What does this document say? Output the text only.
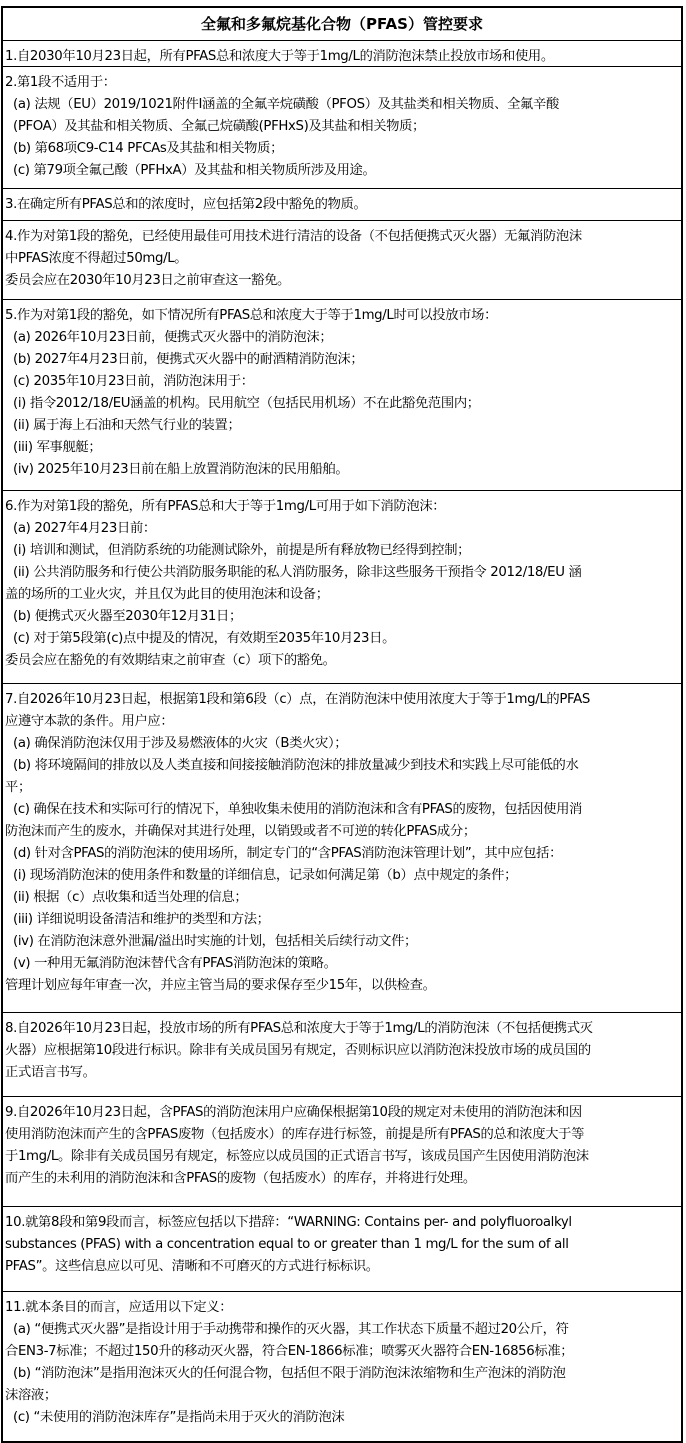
全氟和多氟烷基化合物（PFAS）管控要求
1.自2030年10月23日起，所有PFAS总和浓度大于等于1mg/L的消防泡沫禁止投放市场和使用。
2.第1段不适用于：
(a) 法规（EU）2019/1021附件I涵盖的全氟辛烷磺酸（PFOS）及其盐类和相关物质、全氟辛酸
(PFOA）及其盐和相关物质、全氟己烷磺酸(PFHxS)及其盐和相关物质；
(b) 第68项C9-C14 PFCAs及其盐和相关物质；
(c) 第79项全氟己酸（PFHxA）及其盐和相关物质所涉及用途。
3.在确定所有PFAS总和的浓度时，应包括第2段中豁免的物质。
4.作为对第1段的豁免，已经使用最佳可用技术进行清洁的设备（不包括便携式灭火器）无氟消防泡沫
中PFAS浓度不得超过50mg/L。
委员会应在2030年10月23日之前审查这一豁免。
5.作为对第1段的豁免，如下情况所有PFAS总和浓度大于等于1mg/L时可以投放市场：
(a) 2026年10月23日前，便携式灭火器中的消防泡沫；
(b) 2027年4月23日前，便携式灭火器中的耐酒精消防泡沫；
(c) 2035年10月23日前，消防泡沫用于：
(i) 指令2012/18/EU涵盖的机构。民用航空（包括民用机场）不在此豁免范围内；
(ii) 属于海上石油和天然气行业的装置；
(iii) 军事舰艇；
(iv) 2025年10月23日前在船上放置消防泡沫的民用船舶。
6.作为对第1段的豁免，所有PFAS总和大于等于1mg/L可用于如下消防泡沫：
(a) 2027年4月23日前：
(i) 培训和测试，但消防系统的功能测试除外，前提是所有释放物已经得到控制；
(ii) 公共消防服务和行使公共消防服务职能的私人消防服务，除非这些服务干预指令 2012/18/EU 涵
盖的场所的工业火灾，并且仅为此目的使用泡沫和设备；
(b) 便携式灭火器至2030年12月31日；
(c) 对于第5段第(c)点中提及的情况，有效期至2035年10月23日。
委员会应在豁免的有效期结束之前审查（c）项下的豁免。
7.自2026年10月23日起，根据第1段和第6段（c）点，在消防泡沫中使用浓度大于等于1mg/L的PFAS
应遵守本款的条件。用户应：
(a) 确保消防泡沫仅用于涉及易燃液体的火灾（B类火灾）；
(b) 将环境隔间的排放以及人类直接和间接接触消防泡沫的排放量减少到技术和实践上尽可能低的水
平；
(c) 确保在技术和实际可行的情况下，单独收集未使用的消防泡沫和含有PFAS的废物，包括因使用消
防泡沫而产生的废水，并确保对其进行处理，以销毁或者不可逆的转化PFAS成分；
(d) 针对含PFAS的消防泡沫的使用场所，制定专门的“含PFAS消防泡沫管理计划”，其中应包括：
(i) 现场消防泡沫的使用条件和数量的详细信息，记录如何满足第（b）点中规定的条件；
(ii) 根据（c）点收集和适当处理的信息；
(iii) 详细说明设备清洁和维护的类型和方法；
(iv) 在消防泡沫意外泄漏/溢出时实施的计划，包括相关后续行动文件；
(v) 一种用无氟消防泡沫替代含有PFAS消防泡沫的策略。
管理计划应每年审查一次，并应主管当局的要求保存至少15年，以供检查。
8.自2026年10月23日起，投放市场的所有PFAS总和浓度大于等于1mg/L的消防泡沫（不包括便携式灭
火器）应根据第10段进行标识。除非有关成员国另有规定，否则标识应以消防泡沫投放市场的成员国的
正式语言书写。
9.自2026年10月23日起，含PFAS的消防泡沫用户应确保根据第10段的规定对未使用的消防泡沫和因
使用消防泡沫而产生的含PFAS废物（包括废水）的库存进行标签，前提是所有PFAS的总和浓度大于等
于1mg/L。除非有关成员国另有规定，标签应以成员国的正式语言书写，该成员国产生因使用消防泡沫
而产生的未利用的消防泡沫和含PFAS的废物（包括废水）的库存，并将进行处理。
10.就第8段和第9段而言，标签应包括以下措辞：“WARNING: Contains per- and polyfluoroalkyl
substances (PFAS) with a concentration equal to or greater than 1 mg/L for the sum of all
PFAS”。这些信息应以可见、清晰和不可磨灭的方式进行标标识。
11.就本条目的而言，应适用以下定义：
(a) “便携式灭火器”是指设计用于手动携带和操作的灭火器，其工作状态下质量不超过20公斤，符
合EN3-7标准；不超过150升的移动灭火器，符合EN-1866标准；喷雾灭火器符合EN-16856标准；
(b) “消防泡沫”是指用泡沫灭火的任何混合物，包括但不限于消防泡沫浓缩物和生产泡沫的消防泡
沫溶液；
(c) “未使用的消防泡沫库存”是指尚未用于灭火的消防泡沫
